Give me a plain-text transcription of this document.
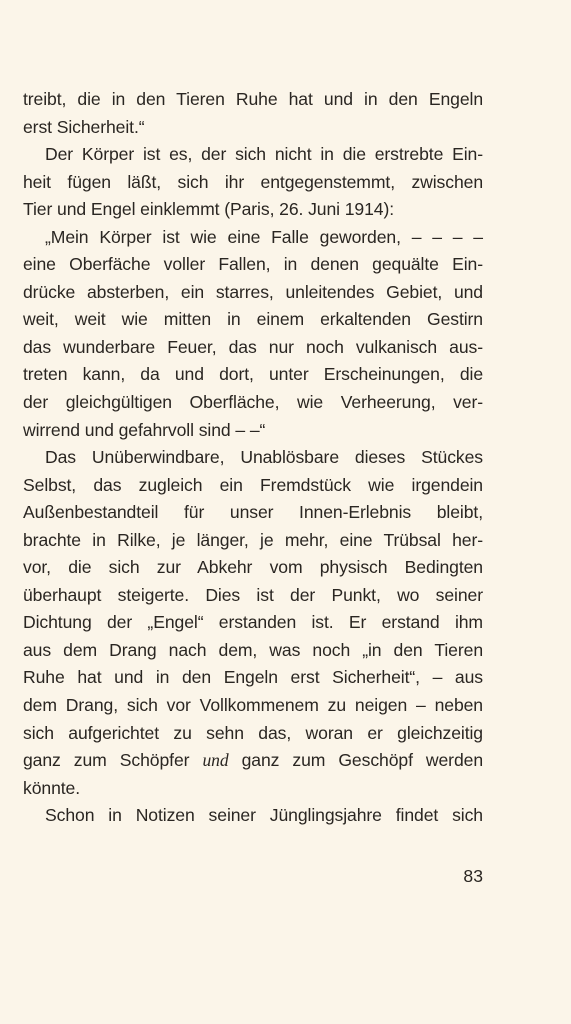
treibt, die in den Tieren Ruhe hat und in den Engeln
erst Sicherheit.“
Der Körper ist es, der sich nicht in die erstrebte Ein-
heit fügen läßt, sich ihr entgegenstemmt, zwischen
Tier und Engel einklemmt (Paris, 26. Juni 1914):
„Mein Körper ist wie eine Falle geworden, – – – –
eine Oberfäche voller Fallen, in denen gequälte Ein-
drücke absterben, ein starres, unleitendes Gebiet, und
weit, weit wie mitten in einem erkaltenden Gestirn
das wunderbare Feuer, das nur noch vulkanisch aus-
treten kann, da und dort, unter Erscheinungen, die
der gleichgültigen Oberfläche, wie Verheerung, ver-
wirrend und gefahrvoll sind – –“
Das Unüberwindbare, Unablösbare dieses Stückes
Selbst, das zugleich ein Fremdstück wie irgendein
Außenbestandteil für unser Innen-Erlebnis bleibt,
brachte in Rilke, je länger, je mehr, eine Trübsal her-
vor, die sich zur Abkehr vom physisch Bedingten
überhaupt steigerte. Dies ist der Punkt, wo seiner
Dichtung der „Engel“ erstanden ist. Er erstand ihm
aus dem Drang nach dem, was noch „in den Tieren
Ruhe hat und in den Engeln erst Sicherheit“, – aus
dem Drang, sich vor Vollkommenem zu neigen – neben
sich aufgerichtet zu sehn das, woran er gleichzeitig
ganz zum Schöpfer und ganz zum Geschöpf werden
könnte.
Schon in Notizen seiner Jünglingsjahre findet sich
83
